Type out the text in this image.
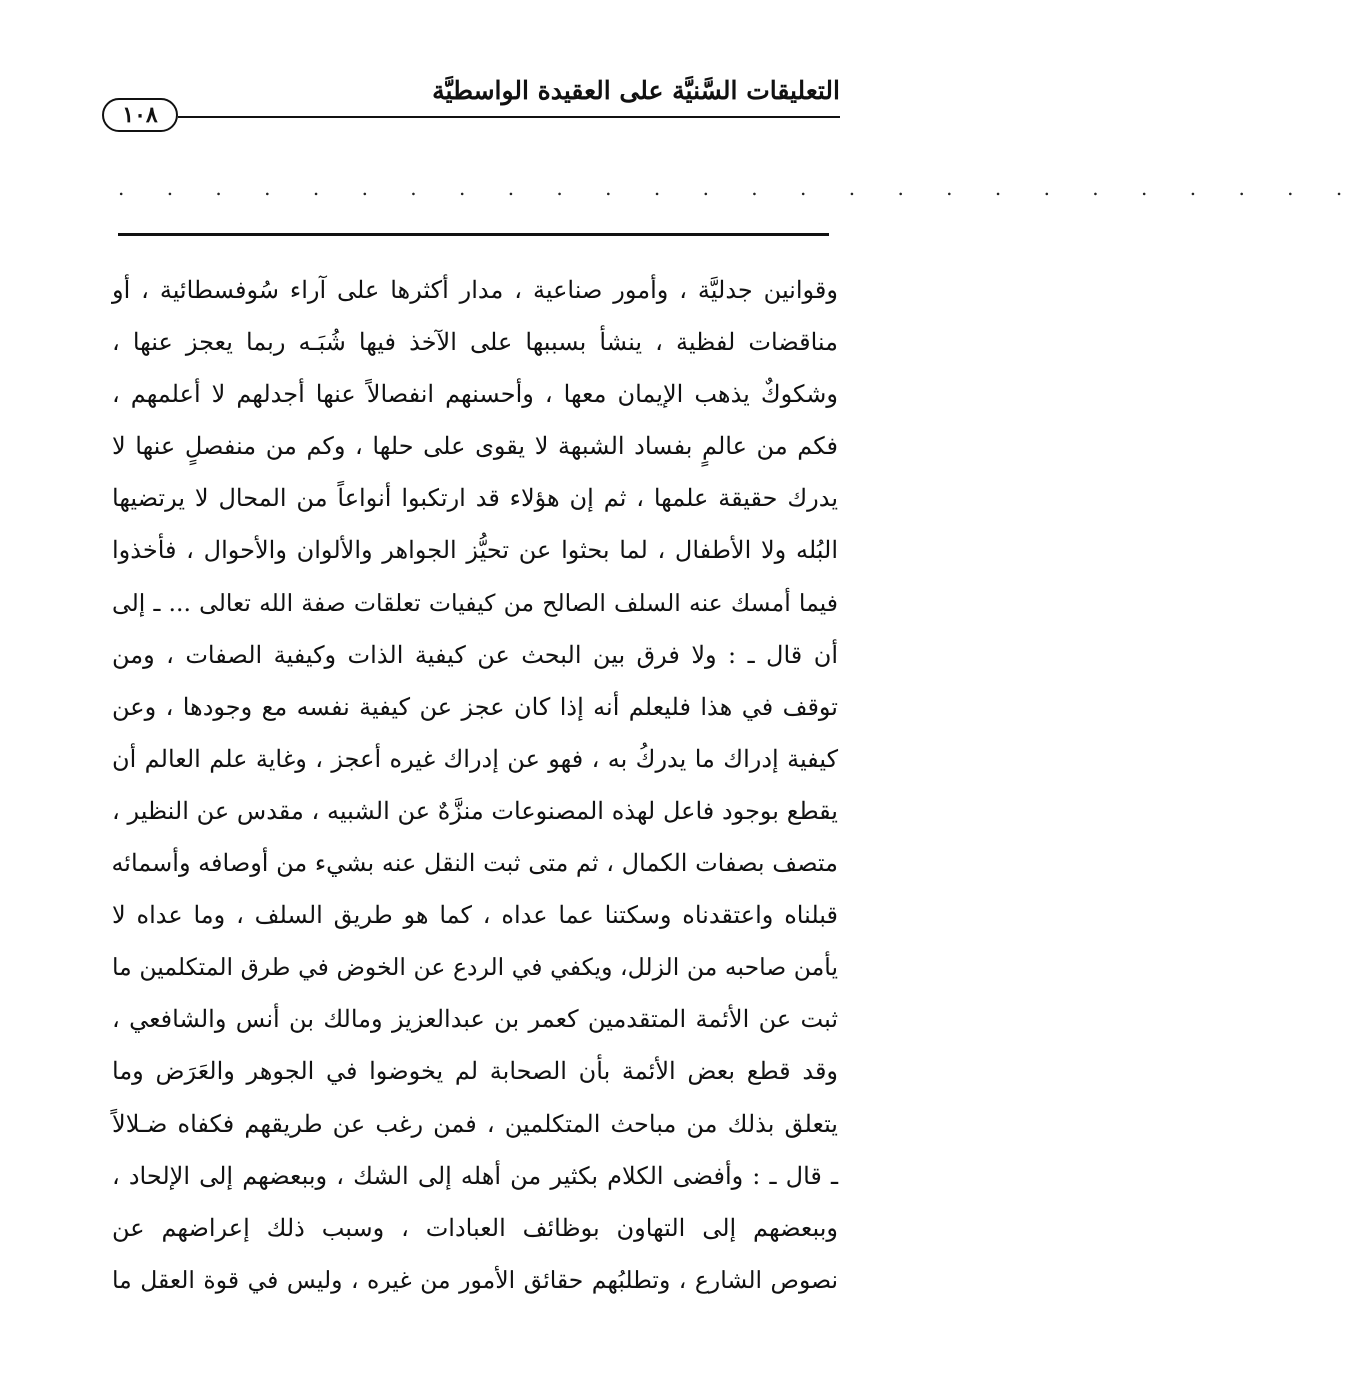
التعليقات السَّنيَّة على العقيدة الواسطيَّة
١٠٨
. . . . . . . . . . . . . . . . . . . . . . . . . .
وقوانين جدليَّة ، وأمور صناعية ، مدار أكثرها على آراء سُوفسطائية ، أو
مناقضات لفظية ، ينشأ بسببها على الآخذ فيها شُبَـه ربما يعجز عنها ،
وشكوكٌ يذهب الإيمان معها ، وأحسنهم انفصالاً عنها أجدلهم لا أعلمهم ،
فكم من عالمٍ بفساد الشبهة لا يقوى على حلها ، وكم من منفصلٍ عنها لا
يدرك حقيقة علمها ، ثم إن هؤلاء قد ارتكبوا أنواعاً من المحال لا يرتضيها
البُله ولا الأطفال ، لما بحثوا عن تحيُّز الجواهر والألوان والأحوال ، فأخذوا
فيما أمسك عنه السلف الصالح من كيفيات تعلقات صفة الله تعالى ... ـ إلى
أن قال ـ : ولا فرق بين البحث عن كيفية الذات وكيفية الصفات ، ومن
توقف في هذا فليعلم أنه إذا كان عجز عن كيفية نفسه مع وجودها ، وعن
كيفية إدراك ما يدركُ به ، فهو عن إدراك غيره أعجز ، وغاية علم العالم أن
يقطع بوجود فاعل لهذه المصنوعات منزَّهٌ عن الشبيه ، مقدس عن النظير ،
متصف بصفات الكمال ، ثم متى ثبت النقل عنه بشيء من أوصافه وأسمائه
قبلناه واعتقدناه وسكتنا عما عداه ، كما هو طريق السلف ، وما عداه لا
يأمن صاحبه من الزلل، ويكفي في الردع عن الخوض في طرق المتكلمين ما
ثبت عن الأئمة المتقدمين كعمر بن عبدالعزيز ومالك بن أنس والشافعي ،
وقد قطع بعض الأئمة بأن الصحابة لم يخوضوا في الجوهر والعَرَض وما
يتعلق بذلك من مباحث المتكلمين ، فمن رغب عن طريقهم فكفاه ضـلالاً
ـ قال ـ : وأفضى الكلام بكثير من أهله إلى الشك ، وببعضهم إلى الإلحاد ،
وببعضهم إلى التهاون بوظائف العبادات ، وسبب ذلك إعراضهم عن
نصوص الشارع ، وتطلبُهم حقائق الأمور من غيره ، وليس في قوة العقل ما
